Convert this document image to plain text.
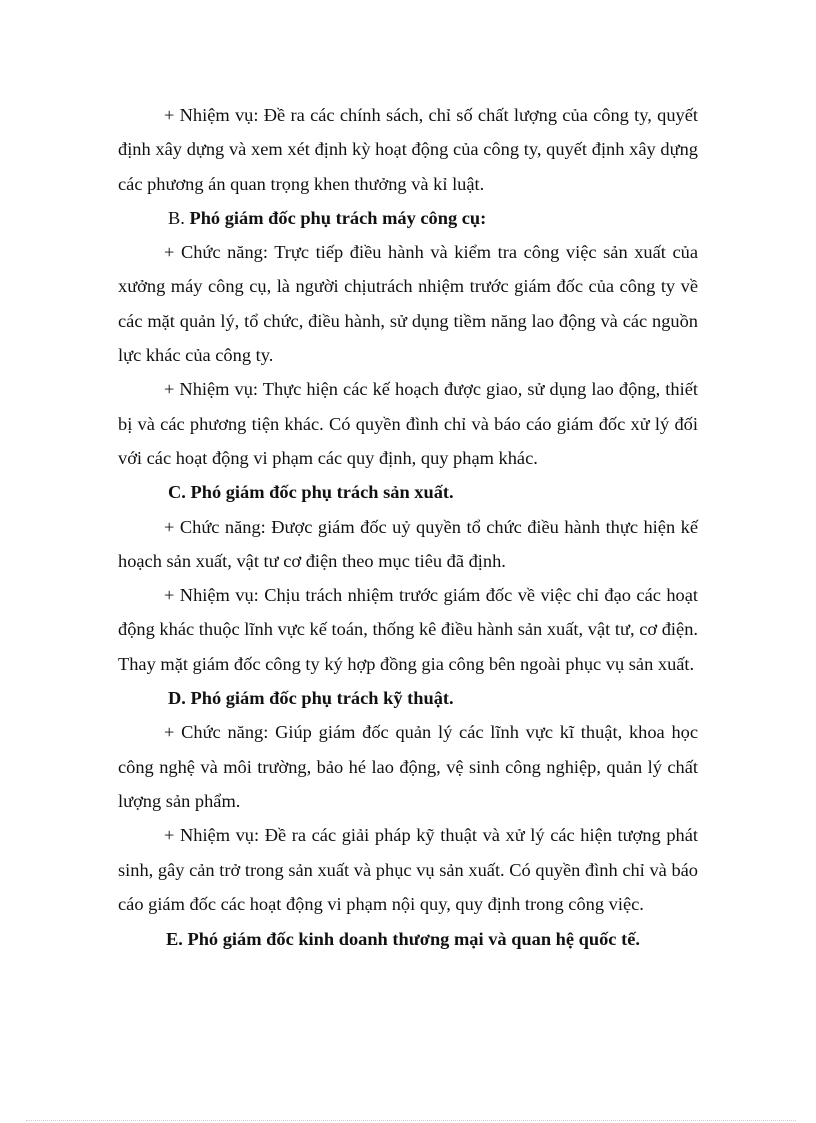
+ Nhiệm vụ: Đề ra các chính sách, chỉ số chất lượng của công ty, quyết định xây dựng và xem xét định kỳ hoạt động của công ty, quyết định xây dựng các phương án quan trọng khen thưởng và kỉ luật.

B. Phó giám đốc phụ trách máy công cụ:

+ Chức năng: Trực tiếp điều hành và kiểm tra công việc sản xuất của xưởng máy công cụ, là người chịutrách nhiệm trước giám đốc của công ty về các mặt quản lý, tổ chức, điều hành, sử dụng tiềm năng lao động và các nguồn lực khác của công ty.

+ Nhiệm vụ: Thực hiện các kế hoạch được giao, sử dụng lao động, thiết bị và các phương tiện khác. Có quyền đình chỉ và báo cáo giám đốc xử lý đối với các hoạt động vi phạm các quy định, quy phạm khác.

C. Phó giám đốc phụ trách sản xuất.

+ Chức năng: Được giám đốc uỷ quyền tổ chức điều hành thực hiện kế hoạch sản xuất, vật tư cơ điện theo mục tiêu đã định.

+ Nhiệm vụ: Chịu trách nhiệm trước giám đốc về việc chỉ đạo các hoạt động khác thuộc lĩnh vực kế toán, thống kê điều hành sản xuất, vật tư, cơ điện. Thay mặt giám đốc công ty ký hợp đồng gia công bên ngoài phục vụ sản xuất.

D. Phó giám đốc phụ trách kỹ thuật.

+ Chức năng: Giúp giám đốc quản lý các lĩnh vực kĩ thuật, khoa học công nghệ và môi trường, bảo hé lao động, vệ sinh công nghiệp, quản lý chất lượng sản phẩm.

+ Nhiệm vụ: Đề ra các giải pháp kỹ thuật và xử lý các hiện tượng phát sinh, gây cản trở trong sản xuất và phục vụ sản xuất. Có quyền đình chỉ và báo cáo giám đốc các hoạt động vi phạm nội quy, quy định trong công việc.

E. Phó giám đốc kinh doanh thương mại và quan hệ quốc tế.
